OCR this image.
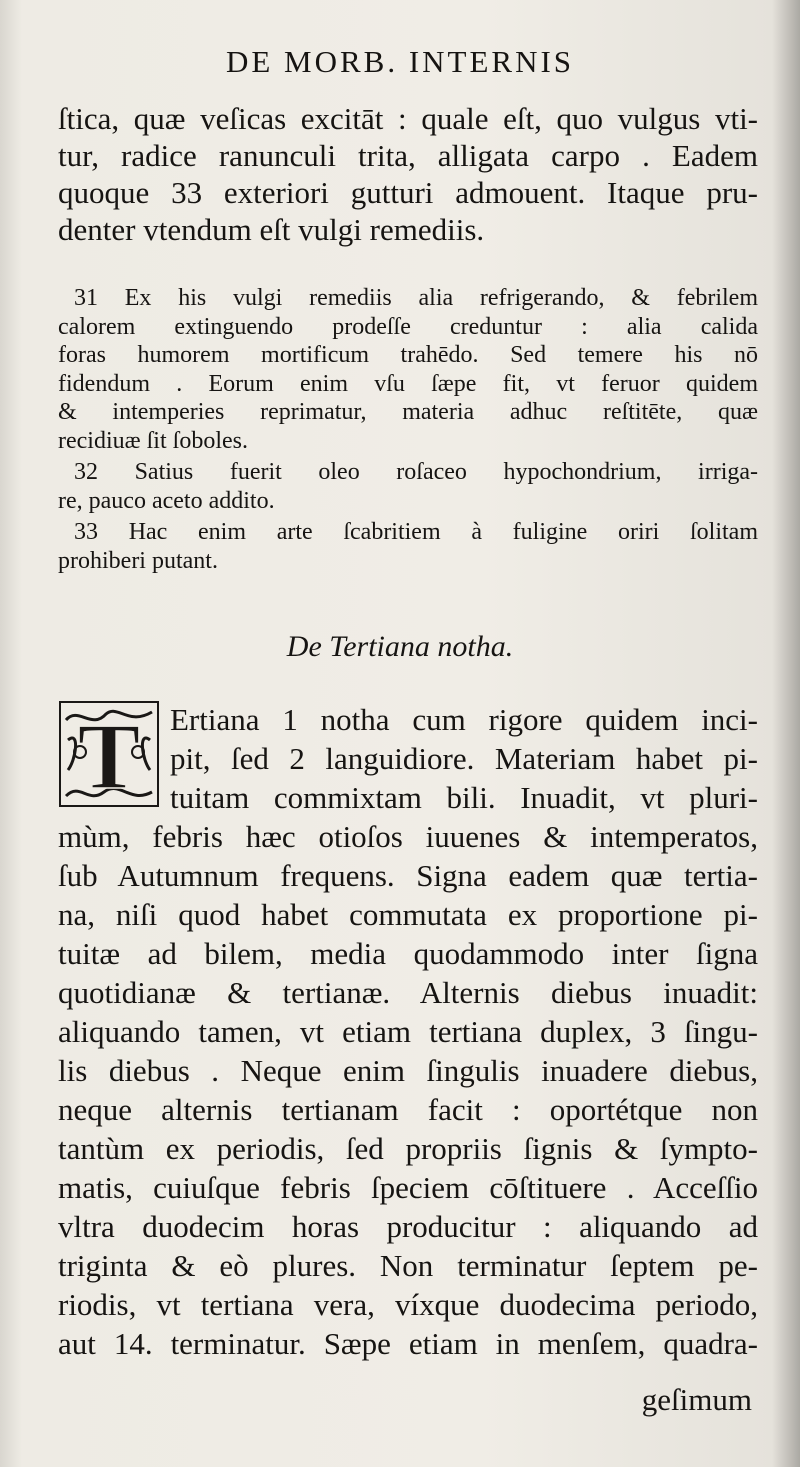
DE MORB. INTERNIS
ſtica, quæ veſicas excitāt : quale eſt, quo vulgus vti-
tur, radice ranunculi trita, alligata carpo . Eadem
quoque 33 exteriori gutturi admouent. Itaque pru-
denter vtendum eſt vulgi remediis.
31 Ex his vulgi remediis alia refrigerando, & febrilem
calorem extinguendo prodeſſe creduntur : alia calida
foras humorem mortificum trahēdo. Sed temere his nō
fidendum . Eorum enim vſu ſæpe fit, vt feruor quidem
& intemperies reprimatur, materia adhuc reſtitēte, quæ
recidiuæ ſit ſoboles.
32 Satius fuerit oleo roſaceo hypochondrium, irriga-
re, pauco aceto addito.
33 Hac enim arte ſcabritiem à fuligine oriri ſolitam
prohiberi putant.
De Tertiana notha.
T Ertiana 1 notha cum rigore quidem inci-
pit, ſed 2 languidiore. Materiam habet pi-
tuitam commixtam bili. Inuadit, vt pluri-
mùm, febris hæc otioſos iuuenes & intemperatos,
ſub Autumnum frequens. Signa eadem quæ tertia-
na, niſi quod habet commutata ex proportione pi-
tuitæ ad bilem, media quodammodo inter ſigna
quotidianæ & tertianæ. Alternis diebus inuadit:
aliquando tamen, vt etiam tertiana duplex, 3 ſingu-
lis diebus . Neque enim ſingulis inuadere diebus,
neque alternis tertianam facit : oportétque non
tantùm ex periodis, ſed propriis ſignis & ſympto-
matis, cuiuſque febris ſpeciem cōſtituere . Acceſſio
vltra duodecim horas producitur : aliquando ad
triginta & eò plures. Non terminatur ſeptem pe-
riodis, vt tertiana vera, víxque duodecima periodo,
aut 14. terminatur. Sæpe etiam in menſem, quadra-
geſimum
